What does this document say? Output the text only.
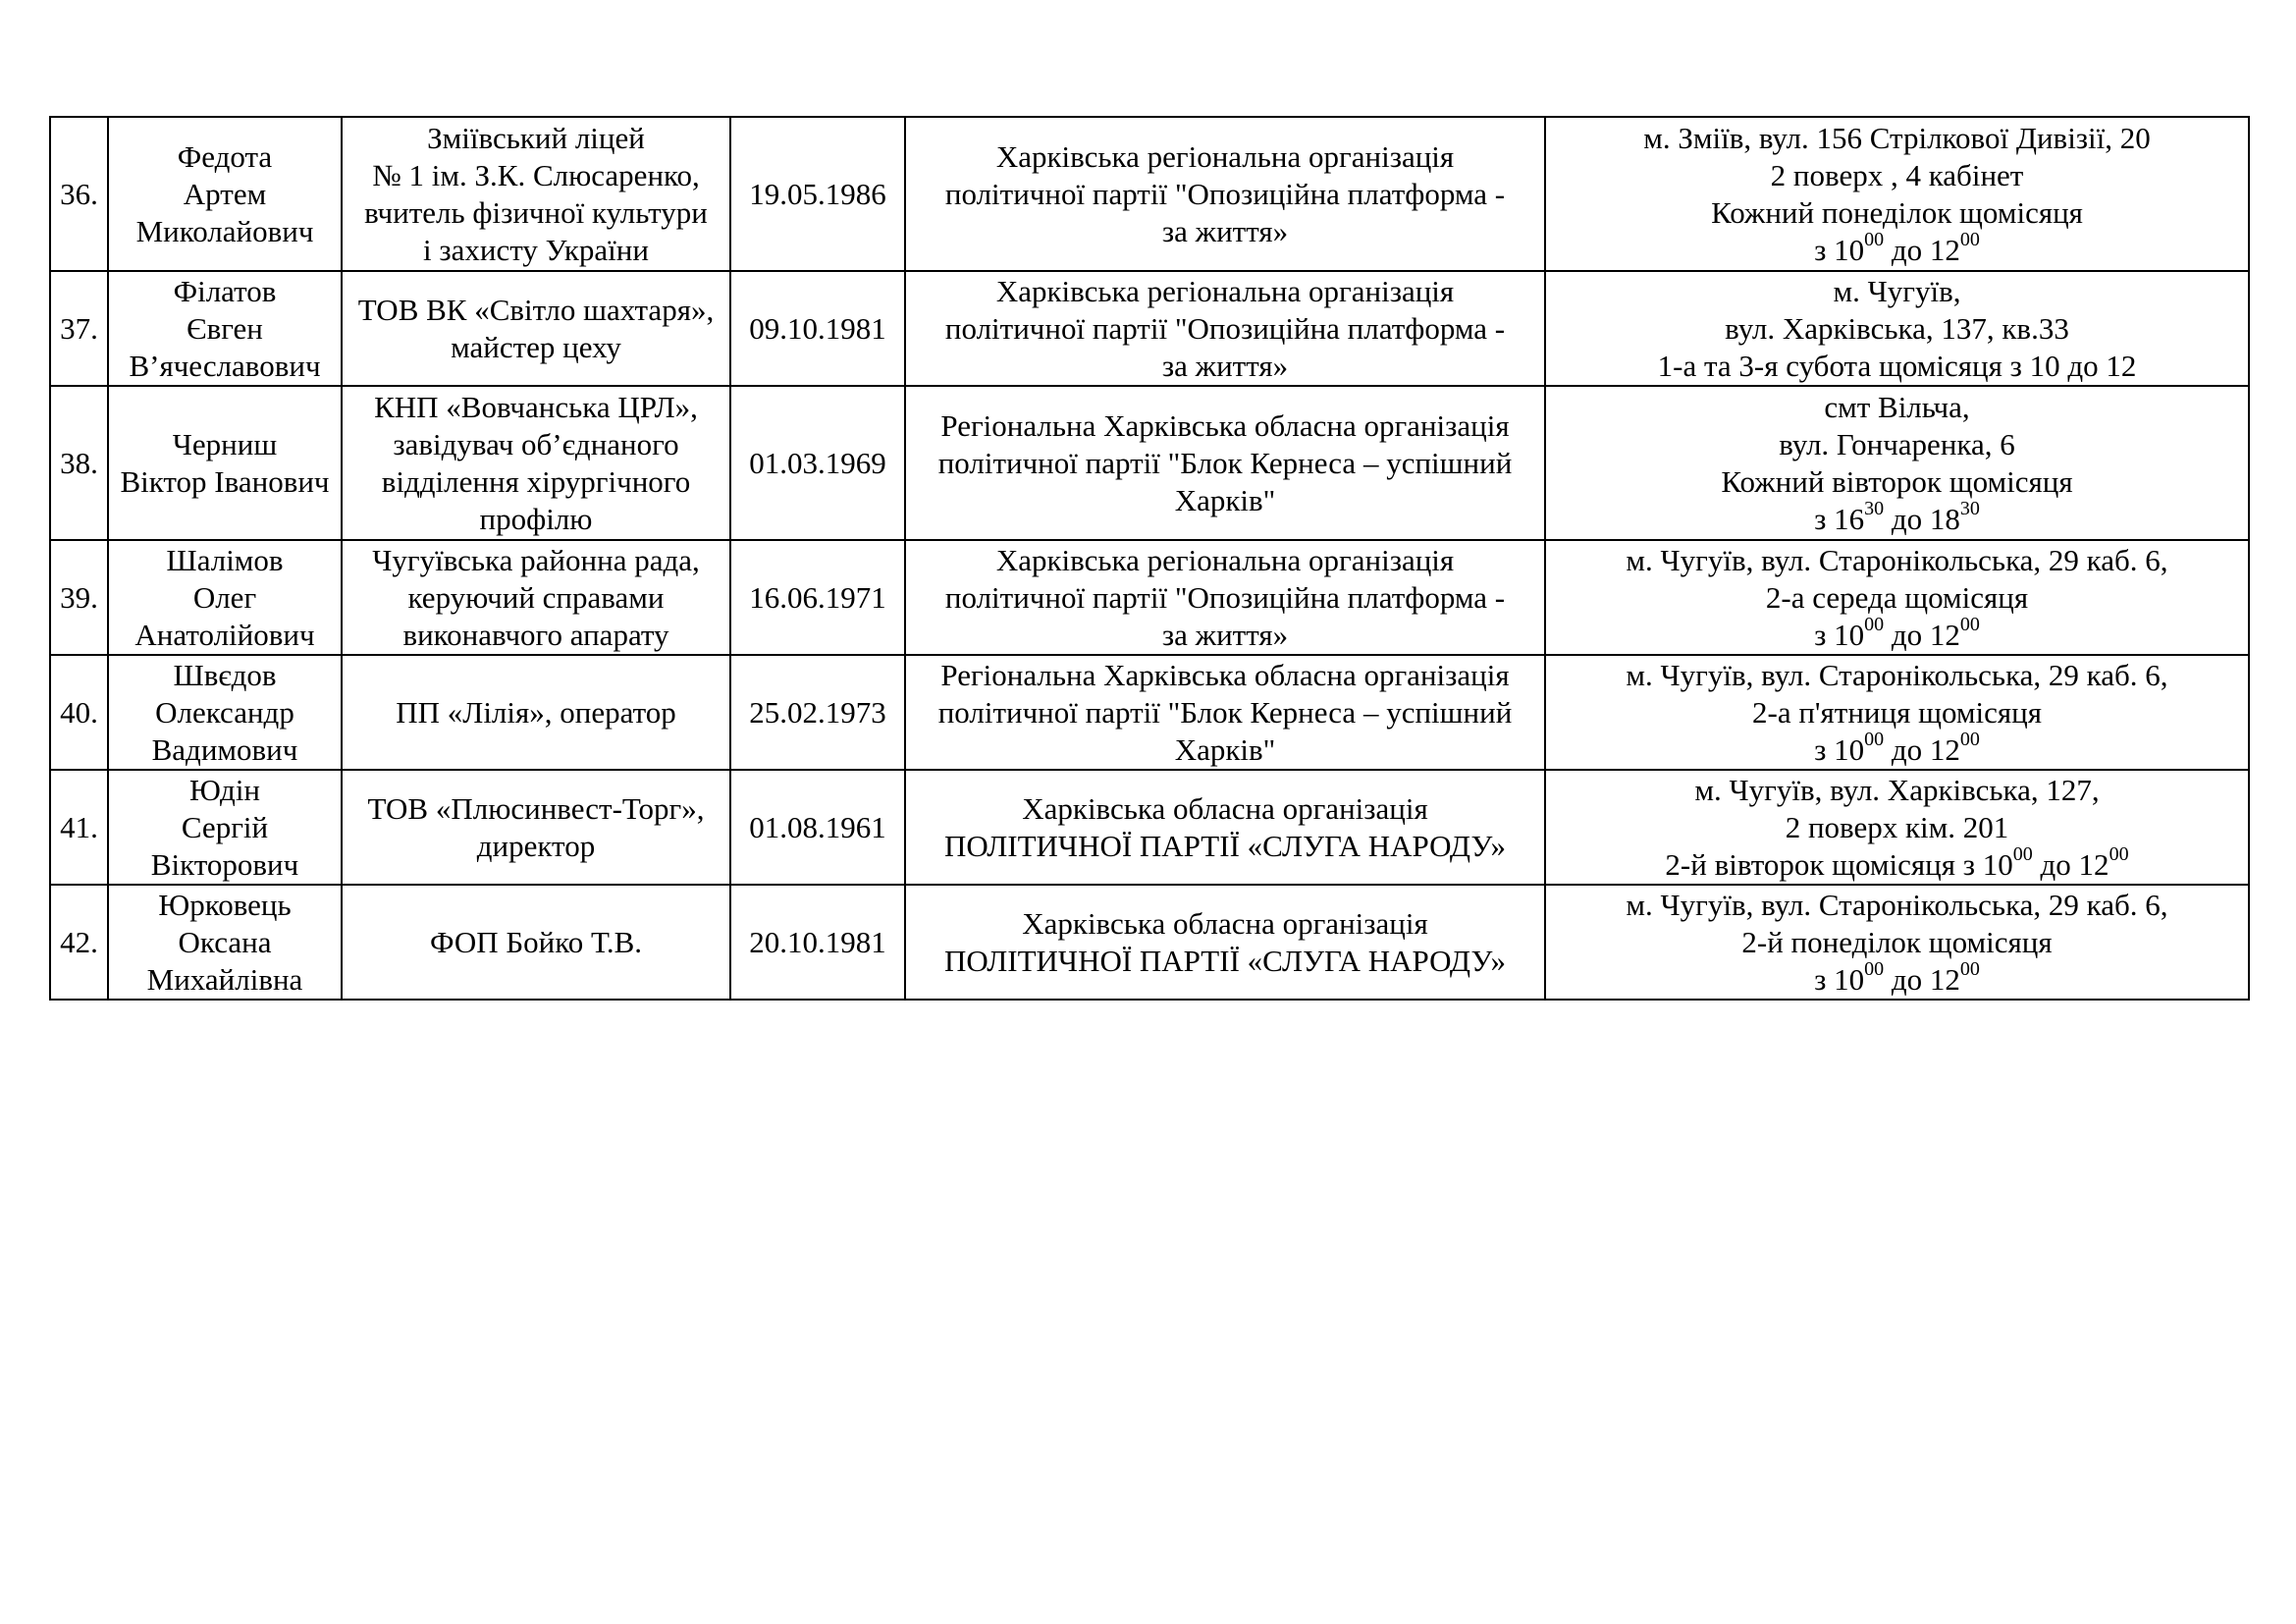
36.	Федота
Артем
Миколайович	Зміївський ліцей
№ 1 ім. З.К. Слюсаренко,
вчитель фізичної культури
і захисту України	19.05.1986	Харківська регіональна організація
політичної партії "Опозиційна платформа -
за життя»	м. Зміїв, вул. 156 Стрілкової Дивізії, 20
2 поверх , 4 кабінет
Кожний понеділок щомісяця
з $10^{00}$ до $12^{00}$

37.	Філатов
Євген
В’ячеславович	ТОВ ВК «Світло шахтаря»,
майстер цеху	09.10.1981	Харківська регіональна організація
політичної партії "Опозиційна платформа -
за життя»	м. Чугуїв,
вул. Харківська, 137, кв.33
1-а та 3-я субота щомісяця з 10 до 12

38.	Черниш
Віктор Іванович	КНП «Вовчанська ЦРЛ»,
завідувач об’єднаного
відділення хірургічного
профілю	01.03.1969	Регіональна Харківська обласна організація
політичної партії "Блок Кернеса – успішний
Харків"	смт Вільча,
вул. Гончаренка, 6
Кожний вівторок щомісяця
з $16^{30}$ до $18^{30}$

39.	Шалімов
Олег
Анатолійович	Чугуївська районна рада,
керуючий справами
виконавчого апарату	16.06.1971	Харківська регіональна організація
політичної партії "Опозиційна платформа -
за життя»	м. Чугуїв, вул. Старонікольська, 29 каб. 6,
2-а середа щомісяця
з $10^{00}$ до $12^{00}$

40.	Швєдов
Олександр
Вадимович	ПП «Лілія», оператор	25.02.1973	Регіональна Харківська обласна організація
політичної партії "Блок Кернеса – успішний
Харків"	м. Чугуїв, вул. Старонікольська, 29 каб. 6,
2-а п'ятниця щомісяця
з $10^{00}$ до $12^{00}$

41.	Юдін
Сергій
Вікторович	ТОВ «Плюсинвест-Торг»,
директор	01.08.1961	Харківська обласна організація
ПОЛІТИЧНОЇ ПАРТІЇ «СЛУГА НАРОДУ»	м. Чугуїв, вул. Харківська, 127,
2 поверх кім. 201
2-й вівторок щомісяця з $10^{00}$ до $12^{00}$

42.	Юрковець
Оксана
Михайлівна	ФОП Бойко Т.В.	20.10.1981	Харківська обласна організація
ПОЛІТИЧНОЇ ПАРТІЇ «СЛУГА НАРОДУ»	м. Чугуїв, вул. Старонікольська, 29 каб. 6,
2-й понеділок щомісяця
з $10^{00}$ до $12^{00}$
